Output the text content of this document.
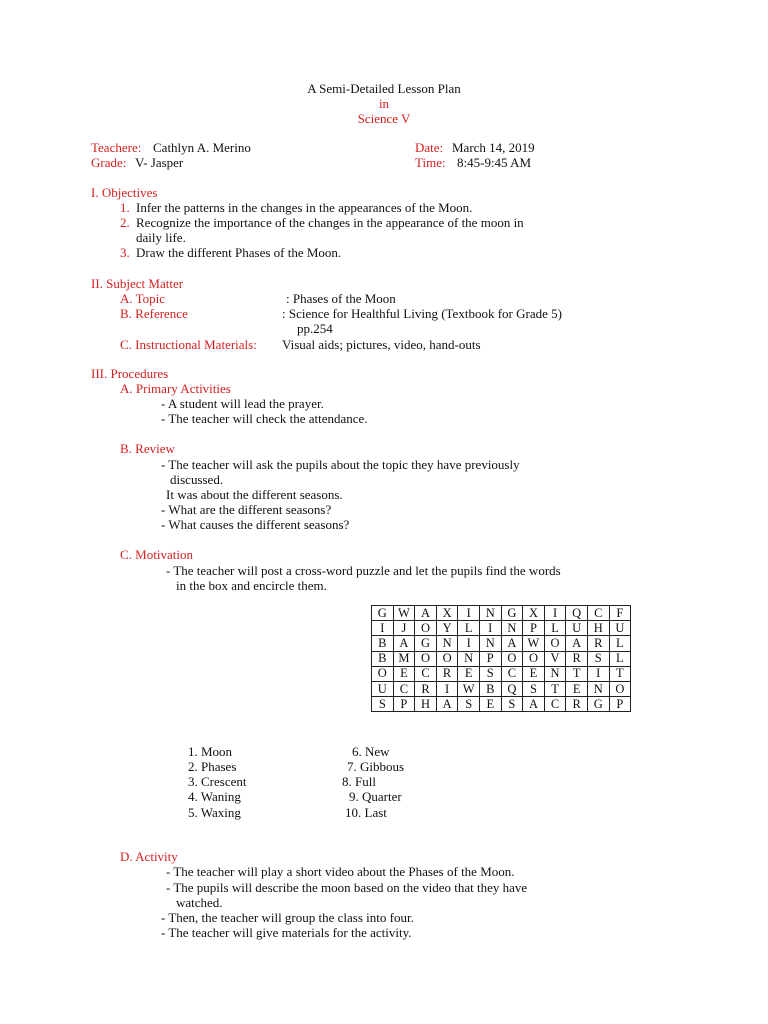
A Semi-Detailed Lesson Plan
in
Science V
Teachere: Cathlyn A. Merino	Date: March 14, 2019
Grade: V- Jasper	Time: 8:45-9:45 AM
I. Objectives
1. Infer the patterns in the changes in the appearances of the Moon.
2. Recognize the importance of the changes in the appearance of the moon in
daily life.
3. Draw the different Phases of the Moon.
II. Subject Matter
A. Topic	: Phases of the Moon
B. Reference	: Science for Healthful Living (Textbook for Grade 5)
pp.254
C. Instructional Materials: Visual aids; pictures, video, hand-outs
III. Procedures
A. Primary Activities
- A student will lead the prayer.
- The teacher will check the attendance.
B. Review
- The teacher will ask the pupils about the topic they have previously
discussed.
It was about the different seasons.
- What are the different seasons?
- What causes the different seasons?
C. Motivation
- The teacher will post a cross-word puzzle and let the pupils find the words
in the box and encircle them.
G	W	A	X	I	N	G	X	I	Q	C	F
I	J	O	Y	L	I	N	P	L	U	H	U
B	A	G	N	I	N	A	W	O	A	R	L
B	M	O	O	N	P	O	O	V	R	S	L
O	E	C	R	E	S	C	E	N	T	I	T
U	C	R	I	W	B	Q	S	T	E	N	O
S	P	H	A	S	E	S	A	C	R	G	P
1. Moon
2. Phases
3. Crescent
4. Waning
5. Waxing
6. New
7. Gibbous
8. Full
9. Quarter
10. Last
D. Activity
- The teacher will play a short video about the Phases of the Moon.
- The pupils will describe the moon based on the video that they have
watched.
- Then, the teacher will group the class into four.
- The teacher will give materials for the activity.
